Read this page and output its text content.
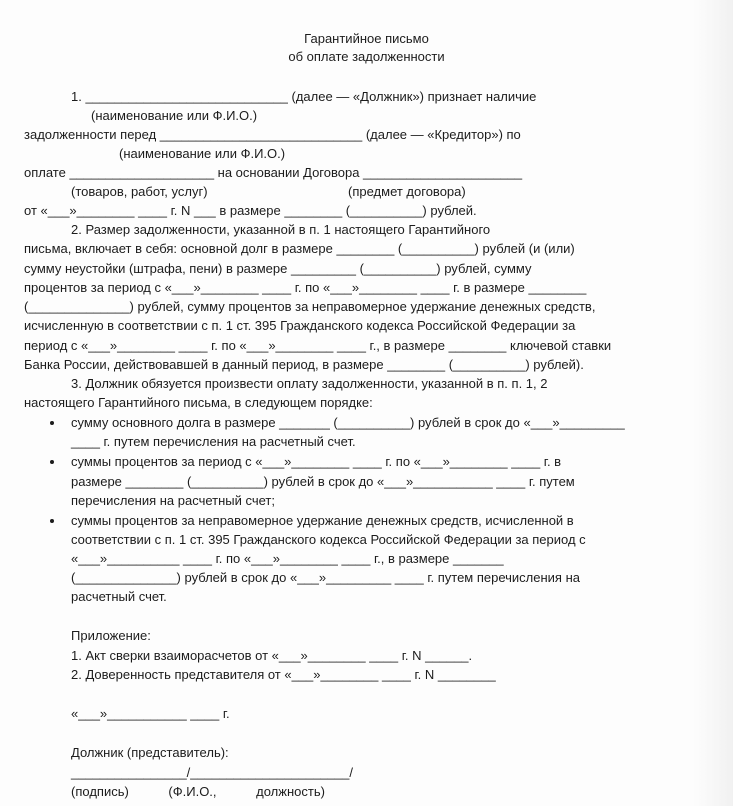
Гарантийное письмо
об оплате задолженности
1. ____________________________ (далее — «Должник») признает наличие
(наименование или Ф.И.О.)
задолженности перед ____________________________ (далее — «Кредитор») по
(наименование или Ф.И.О.)
оплате ____________________ на основании Договора ______________________
(товаров, работ, услуг)	(предмет договора)
от «___»________ ____ г. N ___ в размере ________ (__________) рублей.
2. Размер задолженности, указанной в п. 1 настоящего Гарантийного
письма, включает в себя: основной долг в размере ________ (__________) рублей (и (или)
сумму неустойки (штрафа, пени) в размере _________ (__________) рублей, сумму
процентов за период с «___»________ ____ г. по «___»________ ____ г. в размере ________
(______________) рублей, сумму процентов за неправомерное удержание денежных средств,
исчисленную в соответствии с п. 1 ст. 395 Гражданского кодекса Российской Федерации за
период с «___»________ ____ г. по «___»________ ____ г., в размере ________ ключевой ставки
Банка России, действовавшей в данный период, в размере ________ (__________) рублей).
3. Должник обязуется произвести оплату задолженности, указанной в п. п. 1, 2
настоящего Гарантийного письма, в следующем порядке:
сумму основного долга в размере _______ (__________) рублей в срок до «___»_________
____ г. путем перечисления на расчетный счет.
суммы процентов за период с «___»________ ____ г. по «___»________ ____ г. в
размере ________ (__________) рублей в срок до «___»___________ ____ г. путем
перечисления на расчетный счет;
суммы процентов за неправомерное удержание денежных средств, исчисленной в
соответствии с п. 1 ст. 395 Гражданского кодекса Российской Федерации за период с
«___»__________ ____ г. по «___»________ ____ г., в размере _______
(______________) рублей в срок до «___»_________ ____ г. путем перечисления на
расчетный счет.
Приложение:
1. Акт сверки взаиморасчетов от «___»________ ____ г. N ______.
2. Доверенность представителя от «___»________ ____ г. N ________
«___»___________ ____ г.
Должник (представитель):
________________/______________________/
(подпись) (Ф.И.О., должность)
